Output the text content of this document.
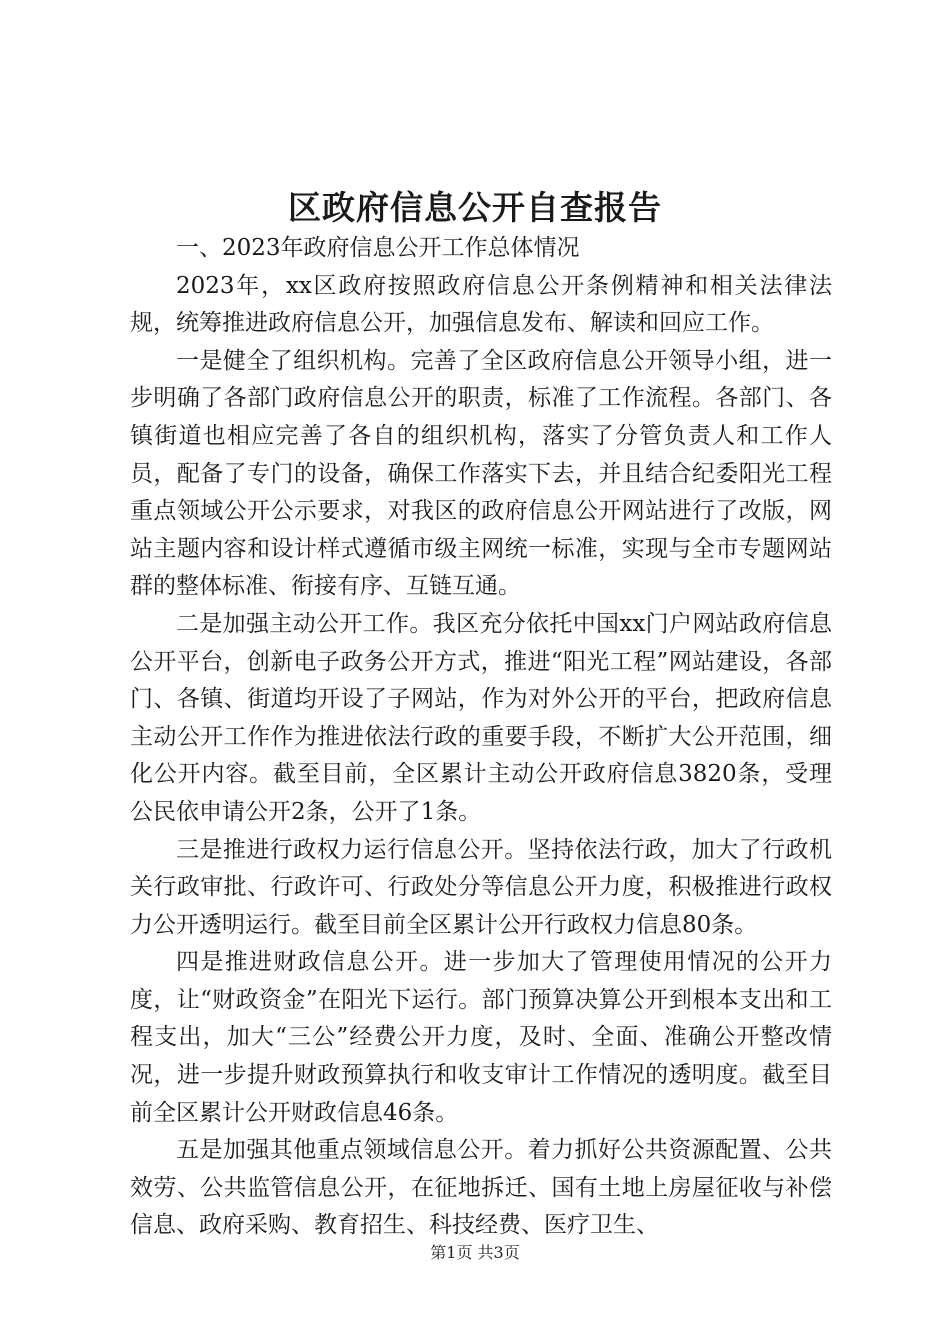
区政府信息公开自查报告

一、2023年政府信息公开工作总体情况

2023年，xx区政府按照政府信息公开条例精神和相关法律法规，统筹推进政府信息公开，加强信息发布、解读和回应工作。

一是健全了组织机构。完善了全区政府信息公开领导小组，进一步明确了各部门政府信息公开的职责，标准了工作流程。各部门、各镇街道也相应完善了各自的组织机构，落实了分管负责人和工作人员，配备了专门的设备，确保工作落实下去，并且结合纪委阳光工程重点领域公开公示要求，对我区的政府信息公开网站进行了改版，网站主题内容和设计样式遵循市级主网统一标准，实现与全市专题网站群的整体标准、衔接有序、互链互通。

二是加强主动公开工作。我区充分依托中国xx门户网站政府信息公开平台，创新电子政务公开方式，推进“阳光工程”网站建设，各部门、各镇、街道均开设了子网站，作为对外公开的平台，把政府信息主动公开工作作为推进依法行政的重要手段，不断扩大公开范围，细化公开内容。截至目前，全区累计主动公开政府信息3820条，受理公民依申请公开2条，公开了1条。

三是推进行政权力运行信息公开。坚持依法行政，加大了行政机关行政审批、行政许可、行政处分等信息公开力度，积极推进行政权力公开透明运行。截至目前全区累计公开行政权力信息80条。

四是推进财政信息公开。进一步加大了管理使用情况的公开力度，让“财政资金”在阳光下运行。部门预算决算公开到根本支出和工程支出，加大“三公”经费公开力度，及时、全面、准确公开整改情况，进一步提升财政预算执行和收支审计工作情况的透明度。截至目前全区累计公开财政信息46条。

五是加强其他重点领域信息公开。着力抓好公共资源配置、公共效劳、公共监管信息公开，在征地拆迁、国有土地上房屋征收与补偿信息、政府采购、教育招生、科技经费、医疗卫生、

第1页 共3页
